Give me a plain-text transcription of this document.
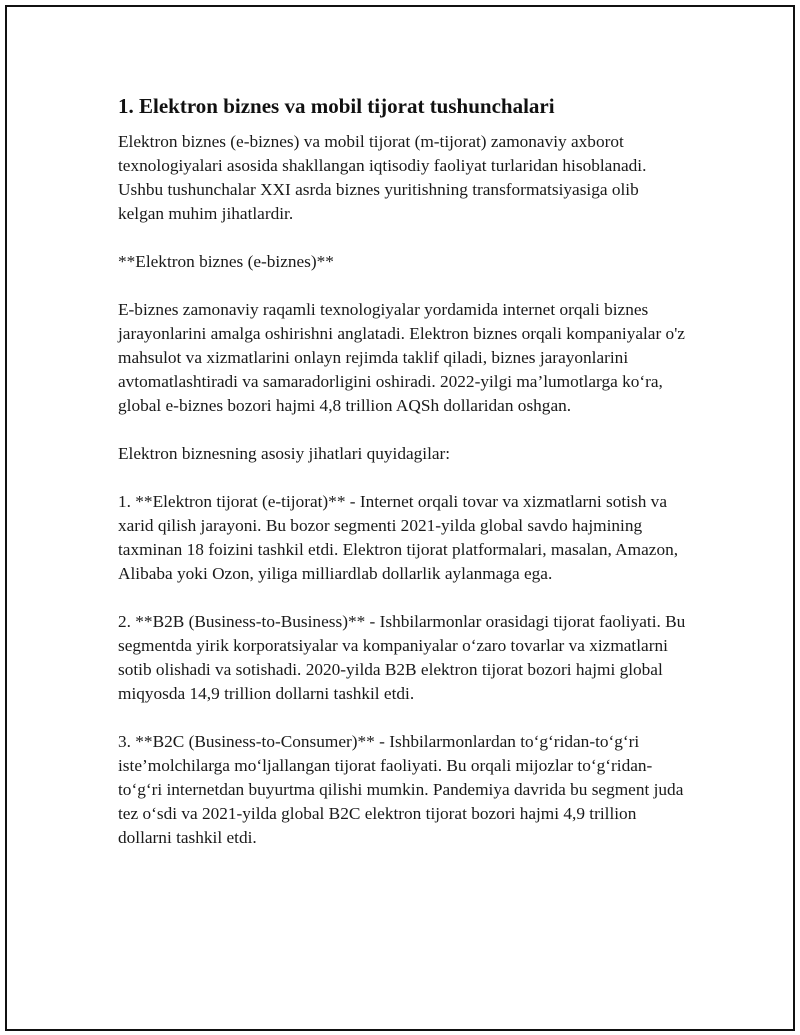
1. Elektron biznes va mobil tijorat tushunchalari

Elektron biznes (e-biznes) va mobil tijorat (m-tijorat) zamonaviy axborot texnologiyalari asosida shakllangan iqtisodiy faoliyat turlaridan hisoblanadi. Ushbu tushunchalar XXI asrda biznes yuritishning transformatsiyasiga olib kelgan muhim jihatlardir.

**Elektron biznes (e-biznes)**

E-biznes zamonaviy raqamli texnologiyalar yordamida internet orqali biznes jarayonlarini amalga oshirishni anglatadi. Elektron biznes orqali kompaniyalar o'z mahsulot va xizmatlarini onlayn rejimda taklif qiladi, biznes jarayonlarini avtomatlashtiradi va samaradorligini oshiradi. 2022-yilgi ma’lumotlarga ko‘ra, global e-biznes bozori hajmi 4,8 trillion AQSh dollaridan oshgan.

Elektron biznesning asosiy jihatlari quyidagilar:

1. **Elektron tijorat (e-tijorat)** - Internet orqali tovar va xizmatlarni sotish va xarid qilish jarayoni. Bu bozor segmenti 2021-yilda global savdo hajmining taxminan 18 foizini tashkil etdi. Elektron tijorat platformalari, masalan, Amazon, Alibaba yoki Ozon, yiliga milliardlab dollarlik aylanmaga ega.

2. **B2B (Business-to-Business)** - Ishbilarmonlar orasidagi tijorat faoliyati. Bu segmentda yirik korporatsiyalar va kompaniyalar o‘zaro tovarlar va xizmatlarni sotib olishadi va sotishadi. 2020-yilda B2B elektron tijorat bozori hajmi global miqyosda 14,9 trillion dollarni tashkil etdi.

3. **B2C (Business-to-Consumer)** - Ishbilarmonlardan to‘g‘ridan-to‘g‘ri iste’molchilarga mo‘ljallangan tijorat faoliyati. Bu orqali mijozlar to‘g‘ridan-to‘g‘ri internetdan buyurtma qilishi mumkin. Pandemiya davrida bu segment juda tez o‘sdi va 2021-yilda global B2C elektron tijorat bozori hajmi 4,9 trillion dollarni tashkil etdi.
